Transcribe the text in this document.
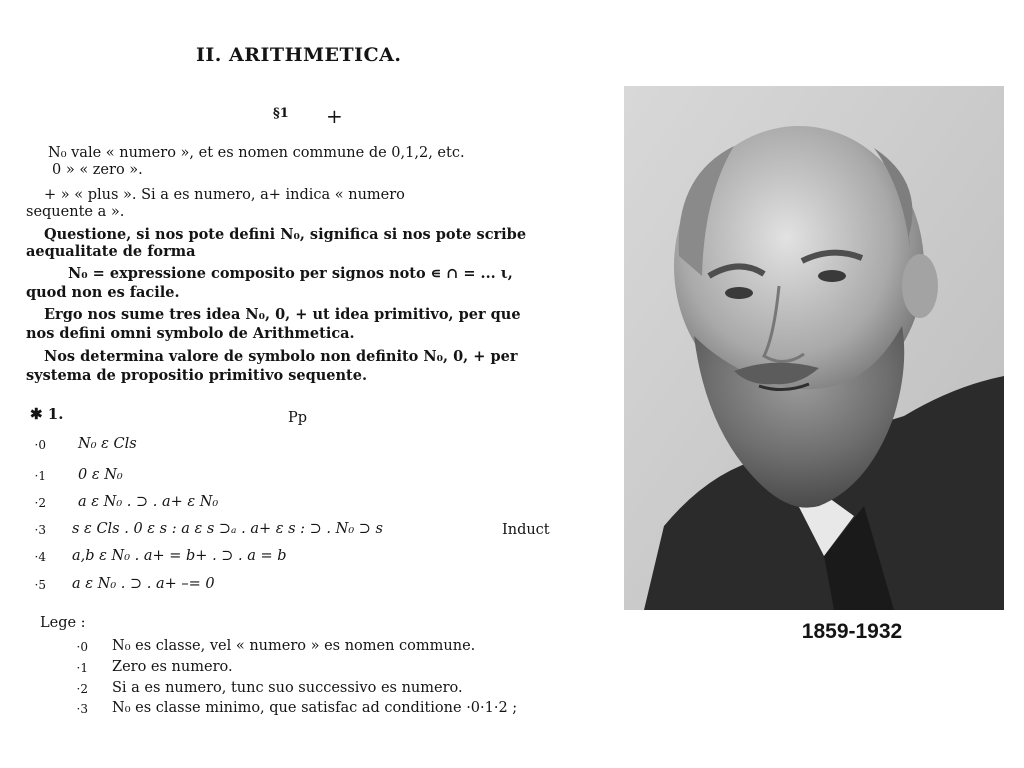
II. ARITHMETICA.
§1 +
N₀ vale « numero », et es nomen commune de 0,1,2, etc.
0 » « zero ».
+ » « plus ». Si a es numero, a+ indica « numero
sequente a ».
Questione, si nos pote defini N₀, significa si nos pote scribe
aequalitate de forma
N₀ = expressione composito per signos noto ∊ ∩ = ... ι,
quod non es facile.
Ergo nos sume tres idea N₀, 0, + ut idea primitivo, per que
nos defini omni symbolo de Arithmetica.
Nos determina valore de symbolo non definito N₀, 0, + per
systema de propositio primitivo sequente.
✱ 1.	Pp
·0 N₀ ε Cls
·1 0 ε N₀
·2 a ε N₀ . ⊃ . a+ ε N₀
·3 s ε Cls . 0 ε s : a ε s ⊃ₐ . a+ ε s : ⊃ . N₀ ⊃ s	Induct
·4 a,b ε N₀ . a+ = b+ . ⊃ . a = b
·5 a ε N₀ . ⊃ . a+ –= 0
Lege :
·0 N₀ es classe, vel « numero » es nomen commune.
·1 Zero es numero.
·2 Si a es numero, tunc suo successivo es numero.
·3 N₀ es classe minimo, que satisfac ad conditione ·0·1·2 ;
1859-1932
